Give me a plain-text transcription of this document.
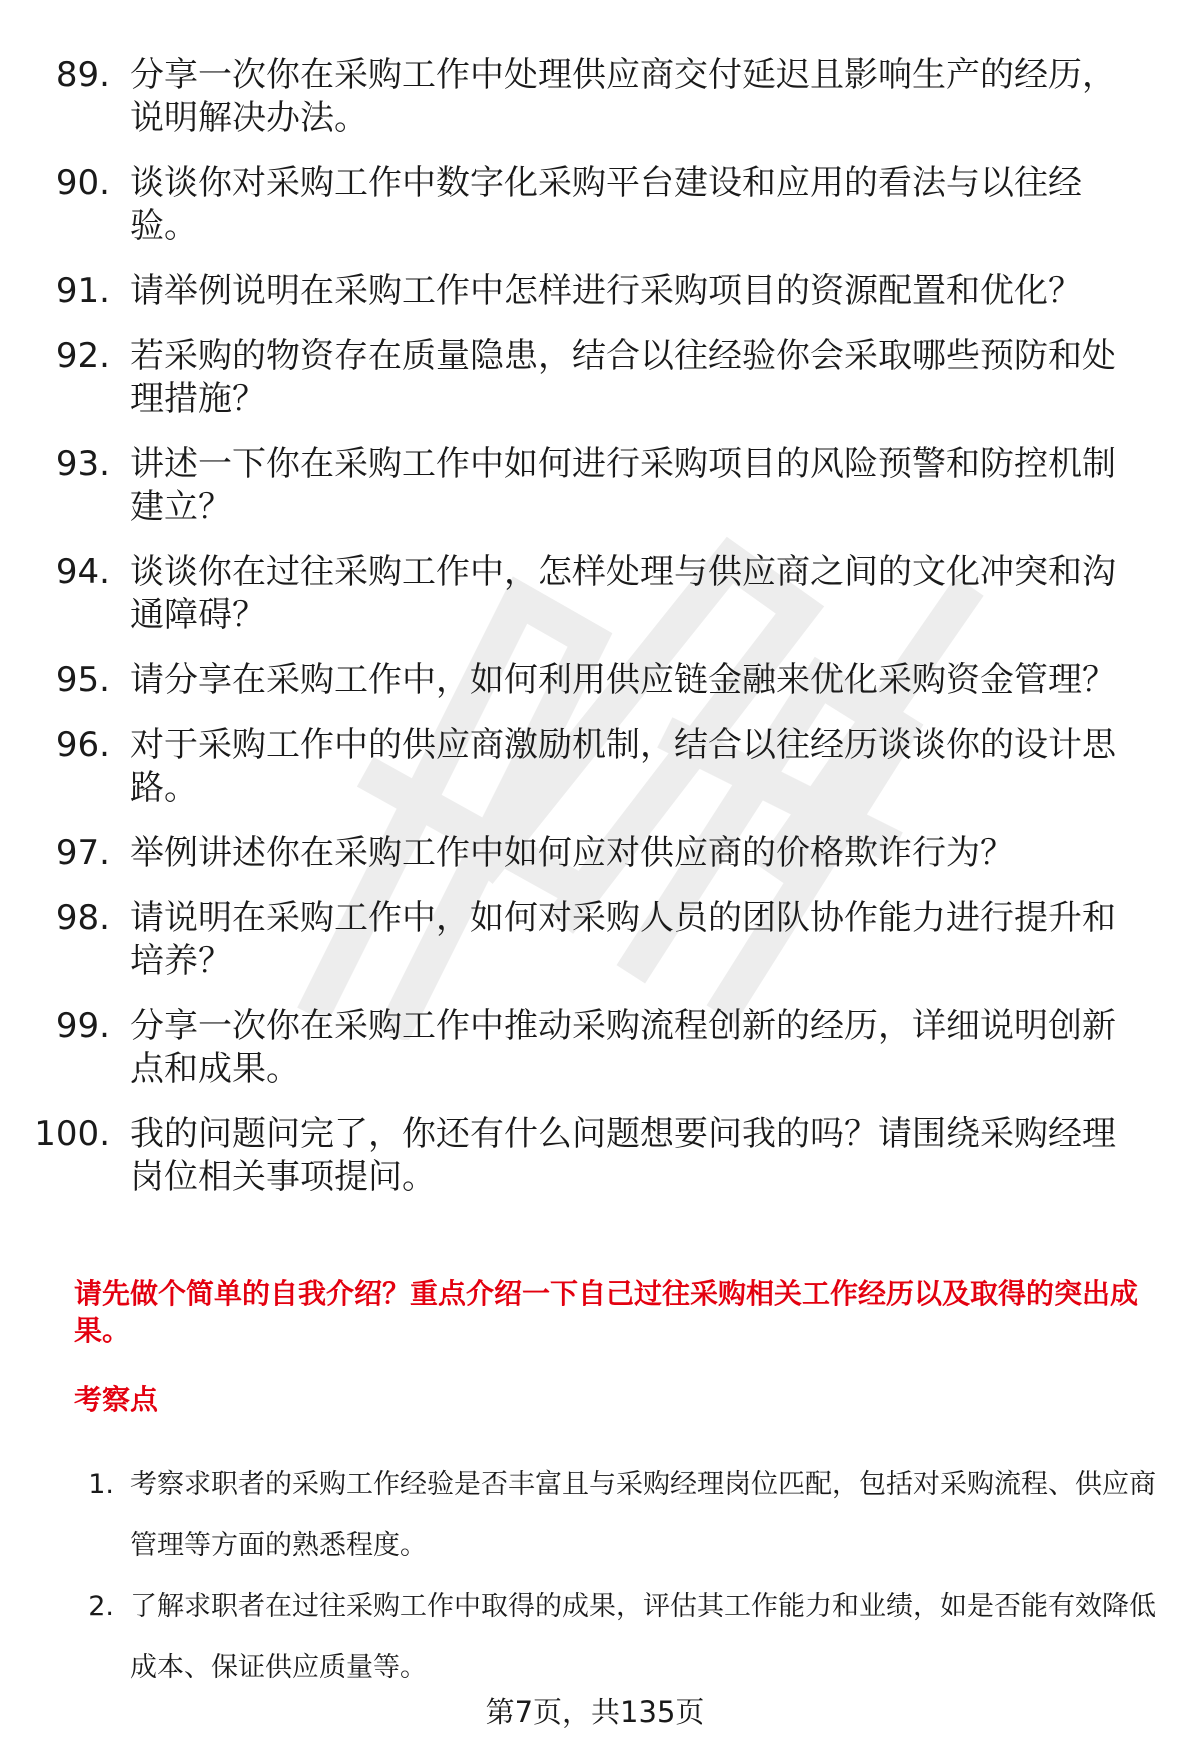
89. 分享一次你在采购工作中处理供应商交付延迟且影响生产的经历，说明解决办法。
90. 谈谈你对采购工作中数字化采购平台建设和应用的看法与以往经验。
91. 请举例说明在采购工作中怎样进行采购项目的资源配置和优化？
92. 若采购的物资存在质量隐患，结合以往经验你会采取哪些预防和处理措施？
93. 讲述一下你在采购工作中如何进行采购项目的风险预警和防控机制建立？
94. 谈谈你在过往采购工作中，怎样处理与供应商之间的文化冲突和沟通障碍？
95. 请分享在采购工作中，如何利用供应链金融来优化采购资金管理？
96. 对于采购工作中的供应商激励机制，结合以往经历谈谈你的设计思路。
97. 举例讲述你在采购工作中如何应对供应商的价格欺诈行为？
98. 请说明在采购工作中，如何对采购人员的团队协作能力进行提升和培养？
99. 分享一次你在采购工作中推动采购流程创新的经历，详细说明创新点和成果。
100. 我的问题问完了，你还有什么问题想要问我的吗？请围绕采购经理岗位相关事项提问。

请先做个简单的自我介绍？重点介绍一下自己过往采购相关工作经历以及取得的突出成果。

考察点

1. 考察求职者的采购工作经验是否丰富且与采购经理岗位匹配，包括对采购流程、供应商管理等方面的熟悉程度。
2. 了解求职者在过往采购工作中取得的成果，评估其工作能力和业绩，如是否能有效降低成本、保证供应质量等。
第7页，共135页
